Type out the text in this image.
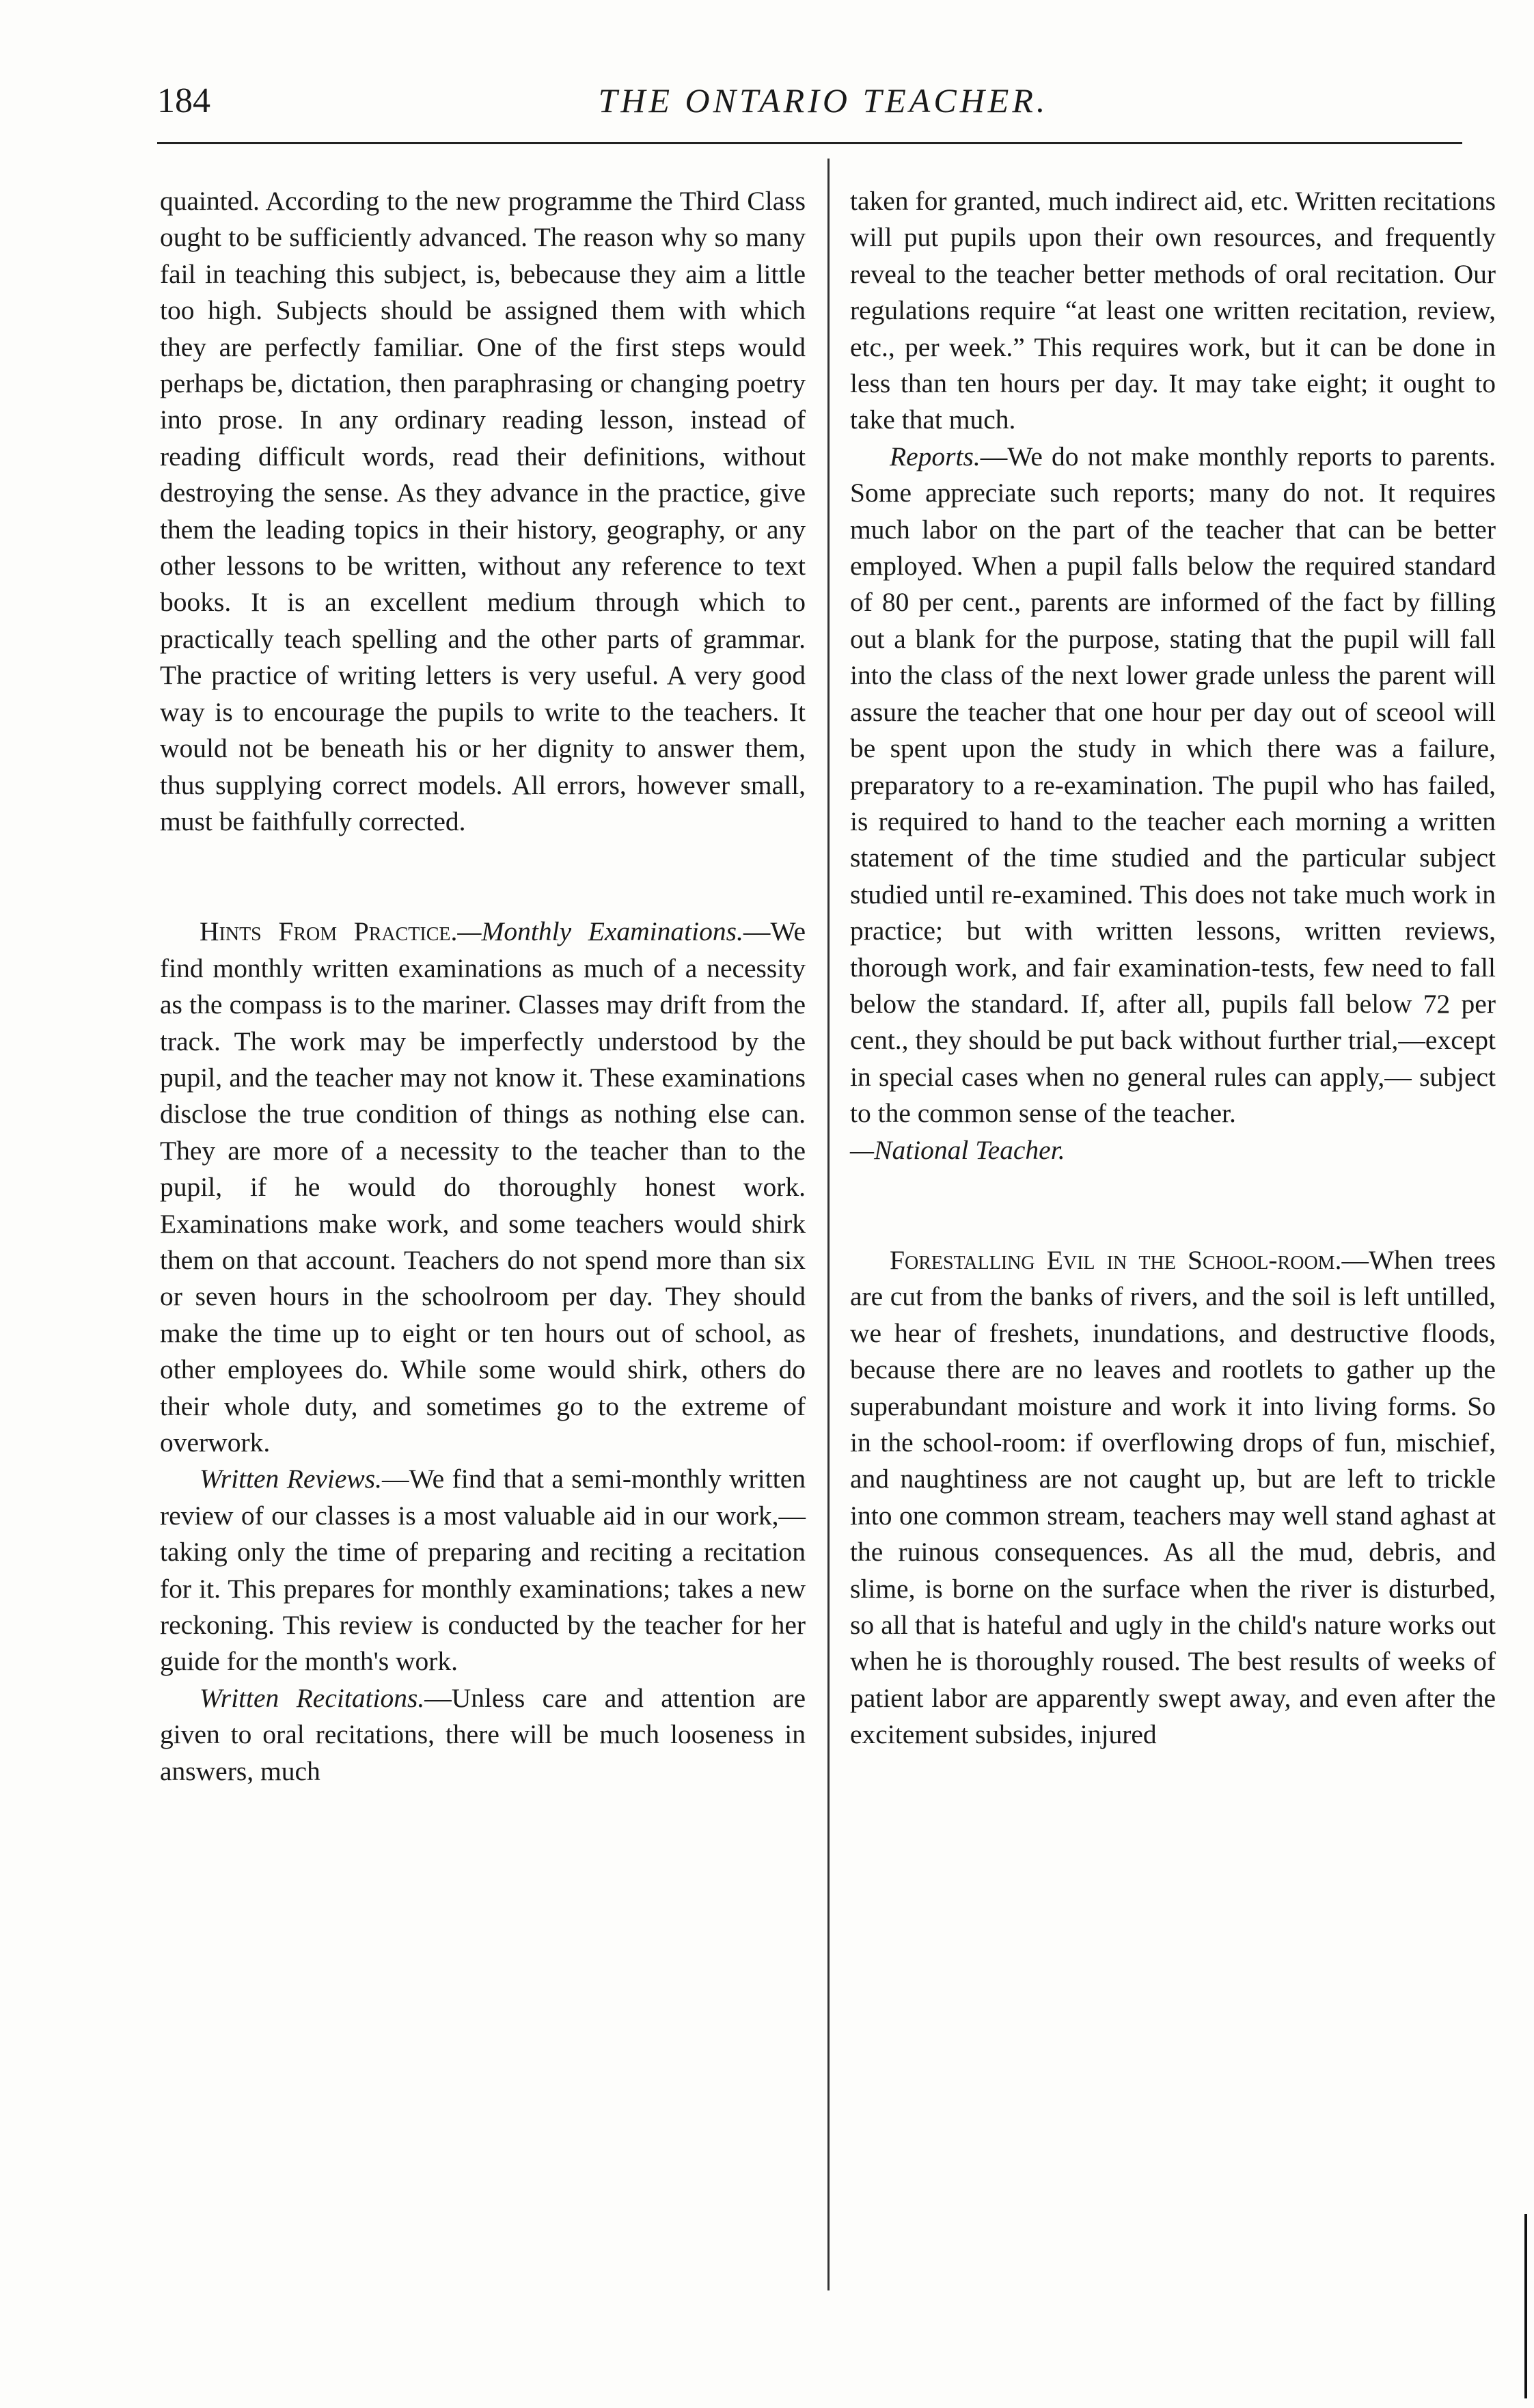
184	THE ONTARIO TEACHER.

quainted. According to the new programme the Third Class ought to be sufficiently advanced. The reason why so many fail in teaching this subject, is, bebecause they aim a little too high. Subjects should be assigned them with which they are perfectly familiar. One of the first steps would perhaps be, dictation, then paraphrasing or changing poetry into prose. In any ordinary reading lesson, instead of reading difficult words, read their definitions, without destroying the sense. As they advance in the practice, give them the leading topics in their history, geography, or any other lessons to be written, without any reference to text books. It is an excellent medium through which to practically teach spelling and the other parts of grammar. The practice of writing letters is very useful. A very good way is to encourage the pupils to write to the teachers. It would not be beneath his or her dignity to answer them, thus supplying correct models. All errors, however small, must be faithfully corrected.

Hints From Practice.—Monthly Examinations.—We find monthly written examinations as much of a necessity as the compass is to the mariner. Classes may drift from the track. The work may be imperfectly understood by the pupil, and the teacher may not know it. These examinations disclose the true condition of things as nothing else can. They are more of a necessity to the teacher than to the pupil, if he would do thoroughly honest work. Examinations make work, and some teachers would shirk them on that account. Teachers do not spend more than six or seven hours in the schoolroom per day. They should make the time up to eight or ten hours out of school, as other employees do. While some would shirk, others do their whole duty, and sometimes go to the extreme of overwork.

Written Reviews.—We find that a semi-monthly written review of our classes is a most valuable aid in our work,—taking only the time of preparing and reciting a recitation for it. This prepares for monthly examinations; takes a new reckoning. This review is conducted by the teacher for her guide for the month's work.

Written Recitations.—Unless care and attention are given to oral recitations, there will be much looseness in answers, much

taken for granted, much indirect aid, etc. Written recitations will put pupils upon their own resources, and frequently reveal to the teacher better methods of oral recitation. Our regulations require “at least one written recitation, review, etc., per week.” This requires work, but it can be done in less than ten hours per day. It may take eight; it ought to take that much.

Reports.—We do not make monthly reports to parents. Some appreciate such reports; many do not. It requires much labor on the part of the teacher that can be better employed. When a pupil falls below the required standard of 80 per cent., parents are informed of the fact by filling out a blank for the purpose, stating that the pupil will fall into the class of the next lower grade unless the parent will assure the teacher that one hour per day out of sceool will be spent upon the study in which there was a failure, preparatory to a re-examination. The pupil who has failed, is required to hand to the teacher each morning a written statement of the time studied and the particular subject studied until re-examined. This does not take much work in practice; but with written lessons, written reviews, thorough work, and fair examination-tests, few need to fall below the standard. If, after all, pupils fall below 72 per cent., they should be put back without further trial,—except in special cases when no general rules can apply,— subject to the common sense of the teacher.

—National Teacher.

Forestalling Evil in the School-room.—When trees are cut from the banks of rivers, and the soil is left untilled, we hear of freshets, inundations, and destructive floods, because there are no leaves and rootlets to gather up the superabundant moisture and work it into living forms. So in the school-room: if overflowing drops of fun, mischief, and naughtiness are not caught up, but are left to trickle into one common stream, teachers may well stand aghast at the ruinous consequences. As all the mud, debris, and slime, is borne on the surface when the river is disturbed, so all that is hateful and ugly in the child's nature works out when he is thoroughly roused. The best results of weeks of patient labor are apparently swept away, and even after the excitement subsides, injured
